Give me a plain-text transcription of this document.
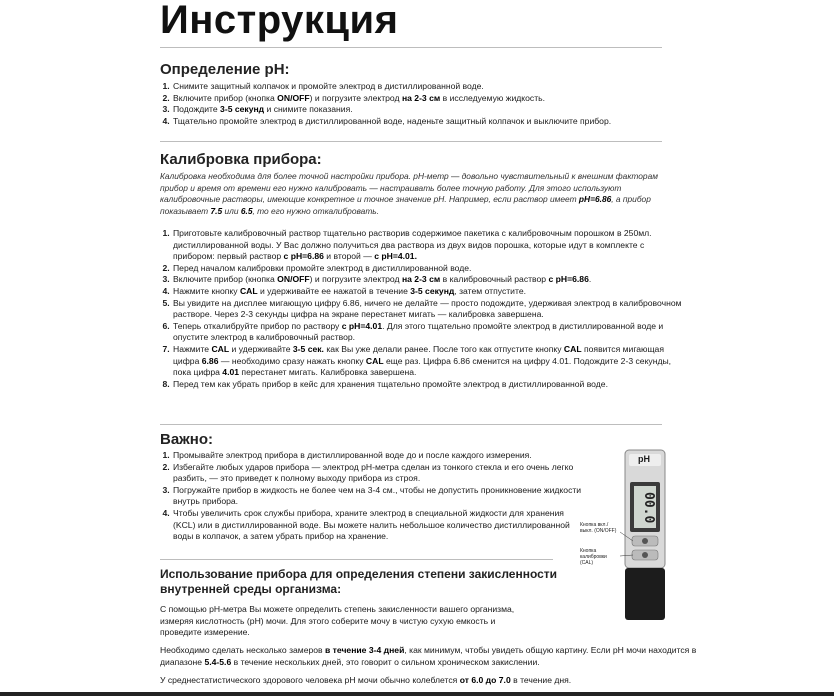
Инструкция
Определение pH:
1. Снимите защитный колпачок и промойте электрод в дистиллированной воде.
2. Включите прибор (кнопка ON/OFF) и погрузите электрод на 2-3 см в исследуемую жидкость.
3. Подождите 3-5 секунд и снимите показания.
4. Тщательно промойте электрод в дистиллированной воде, наденьте защитный колпачок и выключите прибор.
Калибровка прибора:
Калибровка необходима для более точной настройки прибора. pH-метр — довольно чувствительный к внешним факторам прибор и время от времени его нужно калибровать — настраивать более точную работу. Для этого используют калибровочные растворы, имеющие конкретное и точное значение pH. Например, если раствор имеет pH=6.86, а прибор показывает 7.5 или 6.5, то его нужно откалибровать.
1. Приготовьте калибровочный раствор тщательно растворив содержимое пакетика с калибровочным порошком в 250мл. дистиллированной воды. У Вас должно получиться два раствора из двух видов порошка, которые идут в комплекте с прибором: первый раствор с pH=6.86 и второй — с pH=4.01.
2. Перед началом калибровки промойте электрод в дистиллированной воде.
3. Включите прибор (кнопка ON/OFF) и погрузите электрод на 2-3 см в калибровочный раствор с pH=6.86.
4. Нажмите кнопку CAL и удерживайте ее нажатой в течение 3-5 секунд, затем отпустите.
5. Вы увидите на дисплее мигающую цифру 6.86, ничего не делайте — просто подождите, удерживая электрод в калибровочном растворе. Через 2-3 секунды цифра на экране перестанет мигать — калибровка завершена.
6. Теперь откалибруйте прибор по раствору с pH=4.01. Для этого тщательно промойте электрод в дистиллированной воде и опустите электрод в калибровочный раствор.
7. Нажмите CAL и удерживайте 3-5 сек. как Вы уже делали ранее. После того как отпустите кнопку CAL появится мигающая цифра 6.86 — необходимо сразу нажать кнопку CAL еще раз. Цифра 6.86 сменится на цифру 4.01. Подождите 2-3 секунды, пока цифра 4.01 перестанет мигать. Калибровка завершена.
8. Перед тем как убрать прибор в кейс для хранения тщательно промойте электрод в дистиллированной воде.
Важно:
1. Промывайте электрод прибора в дистиллированной воде до и после каждого измерения.
2. Избегайте любых ударов прибора — электрод pH-метра сделан из тонкого стекла и его очень легко разбить, — это приведет к полному выходу прибора из строя.
3. Погружайте прибор в жидкость не более чем на 3-4 см., чтобы не допустить проникновение жидкости внутрь прибора.
4. Чтобы увеличить срок службы прибора, храните электрод в специальной жидкости для хранения (KCL) или в дистиллированной воде. Вы можете налить небольшое количество дистиллированной воды в колпачок, а затем убрать прибор на хранение.
pH
00.0
Кнопка вкл./выкл. (ON/OFF)
Кнопка калибровки (CAL)
Использование прибора для определения степени закисленности внутренней среды организма:

С помощью pH-метра Вы можете определить степень закисленности вашего организма, измеряя кислотность (pH) мочи. Для этого соберите мочу в чистую сухую емкость и проведите измерение.

Необходимо сделать несколько замеров в течение 3-4 дней, как минимум, чтобы увидеть общую картину. Если pH мочи находится в диапазоне 5.4-5.6 в течение нескольких дней, это говорит о сильном хроническом закислении.

У среднестатистического здорового человека pH мочи обычно колеблется от 6.0 до 7.0 в течение дня.
